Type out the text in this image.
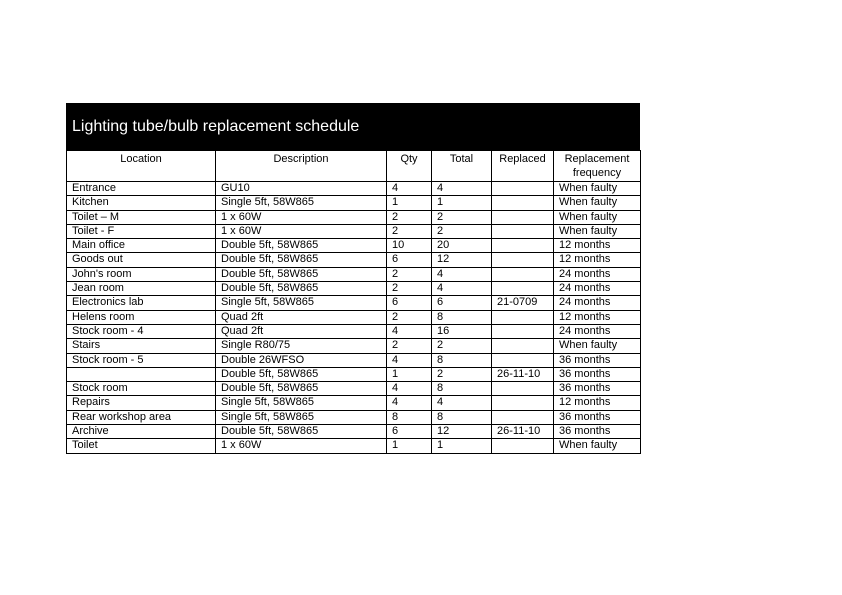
Lighting tube/bulb replacement schedule
Location	Description	Qty	Total	Replaced	Replacement frequency
Entrance	GU10	4	4		When faulty
Kitchen	Single 5ft, 58W865	1	1		When faulty
Toilet – M	1 x 60W	2	2		When faulty
Toilet - F	1 x 60W	2	2		When faulty
Main office	Double 5ft, 58W865	10	20		12 months
Goods out	Double 5ft, 58W865	6	12		12 months
John's room	Double 5ft, 58W865	2	4		24 months
Jean room	Double 5ft, 58W865	2	4		24 months
Electronics lab	Single 5ft, 58W865	6	6	21-0709	24 months
Helens room	Quad 2ft	2	8		12 months
Stock room - 4	Quad 2ft	4	16		24 months
Stairs	Single R80/75	2	2		When faulty
Stock room - 5	Double 26WFSO	4	8		36 months
	Double 5ft, 58W865	1	2	26-11-10	36 months
Stock room	Double 5ft, 58W865	4	8		36 months
Repairs	Single 5ft, 58W865	4	4		12 months
Rear workshop area	Single 5ft, 58W865	8	8		36 months
Archive	Double 5ft, 58W865	6	12	26-11-10	36 months
Toilet	1 x 60W	1	1		When faulty
